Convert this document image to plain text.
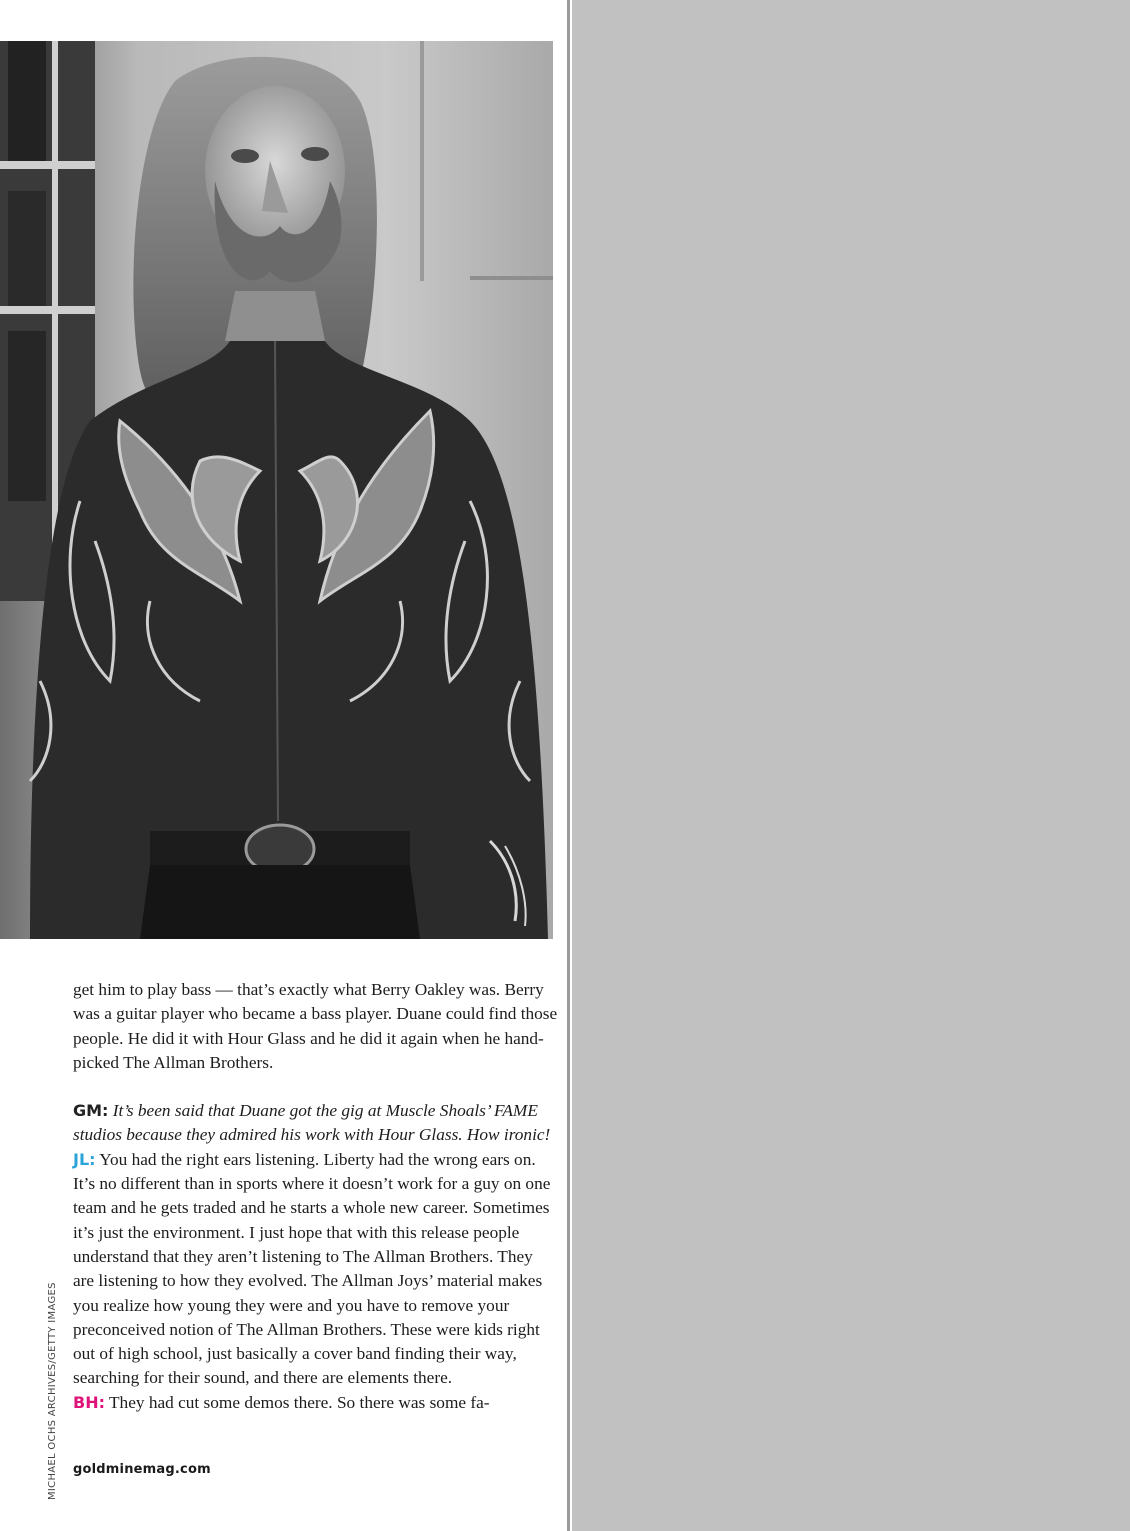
MICHAEL OCHS ARCHIVES/GETTY IMAGES

get him to play bass — that’s exactly what Berry Oakley was. Berry was a guitar player who became a bass player. Duane could find those people. He did it with Hour Glass and he did it again when he hand-picked The Allman Brothers.

GM: It’s been said that Duane got the gig at Muscle Shoals’ FAME studios because they admired his work with Hour Glass. How ironic!

JL: You had the right ears listening. Liberty had the wrong ears on. It’s no different than in sports where it doesn’t work for a guy on one team and he gets traded and he starts a whole new career. Sometimes it’s just the environment. I just hope that with this release people understand that they aren’t listening to The Allman Brothers. They are listening to how they evolved. The Allman Joys’ material makes you realize how young they were and you have to remove your preconceived notion of The Allman Brothers. These were kids right out of high school, just basically a cover band finding their way, searching for their sound, and there are elements there.

BH: They had cut some demos there. So there was some fa-

goldminemag.com
